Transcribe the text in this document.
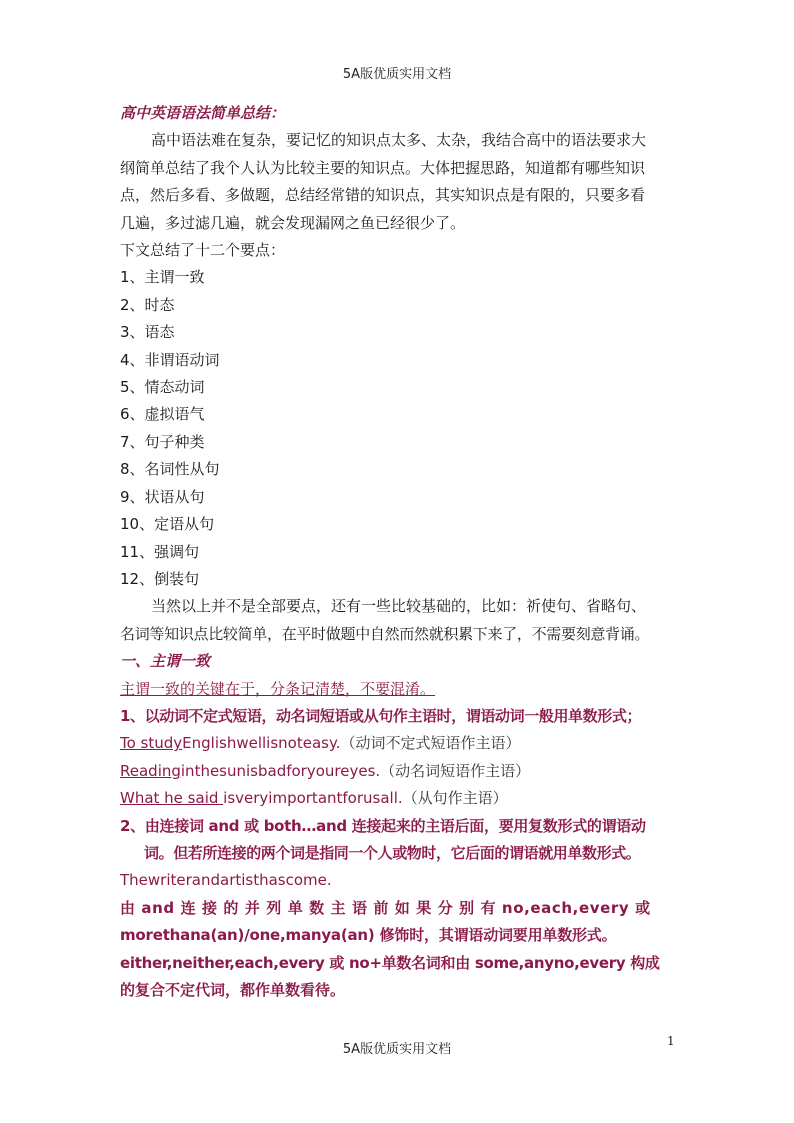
5A版优质实用文档
高中英语语法简单总结：
高中语法难在复杂，要记忆的知识点太多、太杂，我结合高中的语法要求大
纲简单总结了我个人认为比较主要的知识点。大体把握思路，知道都有哪些知识
点，然后多看、多做题，总结经常错的知识点，其实知识点是有限的，只要多看
几遍，多过滤几遍，就会发现漏网之鱼已经很少了。
下文总结了十二个要点：
1、主谓一致
2、时态
3、语态
4、非谓语动词
5、情态动词
6、虚拟语气
7、句子种类
8、名词性从句
9、状语从句
10、定语从句
11、强调句
12、倒装句
当然以上并不是全部要点，还有一些比较基础的，比如：祈使句、省略句、
名词等知识点比较简单，在平时做题中自然而然就积累下来了，不需要刻意背诵。
一、主谓一致
主谓一致的关键在于，分条记清楚，不要混淆。
1、以动词不定式短语，动名词短语或从句作主语时，谓语动词一般用单数形式；
To studyEnglishwellisnoteasy.（动词不定式短语作主语）
Readinginthesunisbadforyoureyes.（动名词短语作主语）
What he said isveryimportantforusall.（从句作主语）
2、由连接词 and 或 both…and 连接起来的主语后面，要用复数形式的谓语动
词。但若所连接的两个词是指同一个人或物时，它后面的谓语就用单数形式。
Thewriterandartisthascome.
由 and 连 接 的 并 列 单 数 主 语 前 如 果 分 别 有 no,each,every 或
morethana(an)/one,manya(an) 修饰时，其谓语动词要用单数形式。
either,neither,each,every 或 no+单数名词和由 some,anyno,every 构成
的复合不定代词，都作单数看待。
5A版优质实用文档
1
